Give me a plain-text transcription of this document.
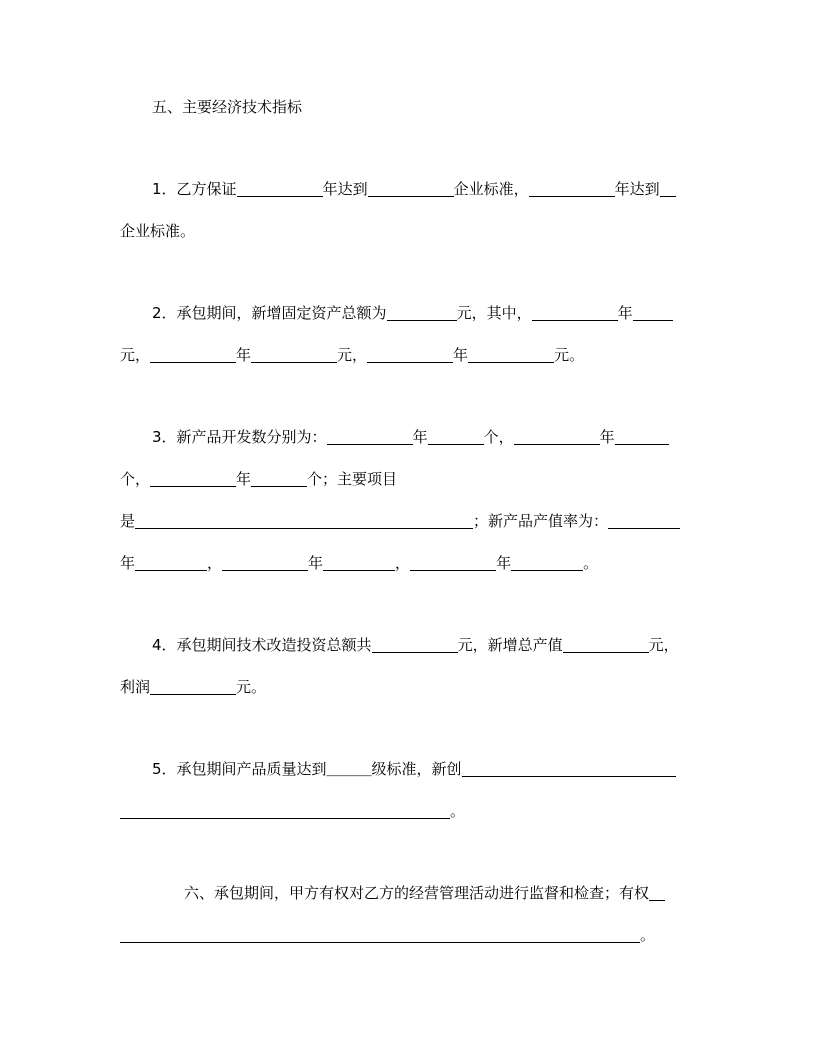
五、主要经济技术指标
1．乙方保证	年达到	企业标准，	年达到
企业标准。
2．承包期间，新增固定资产总额为	元，其中，	年
元，	年	元，	年	元。
3．新产品开发数分别为：	年	个，	年
个，	年	个；主要项目
是	；新产品产值率为：
年	，	年	，	年	。
4．承包期间技术改造投资总额共	元，新增总产值	元，
利润	元。
5．承包期间产品质量达到＿＿＿级标准，新创
。
六、承包期间，甲方有权对乙方的经营管理活动进行监督和检查；有权
。
